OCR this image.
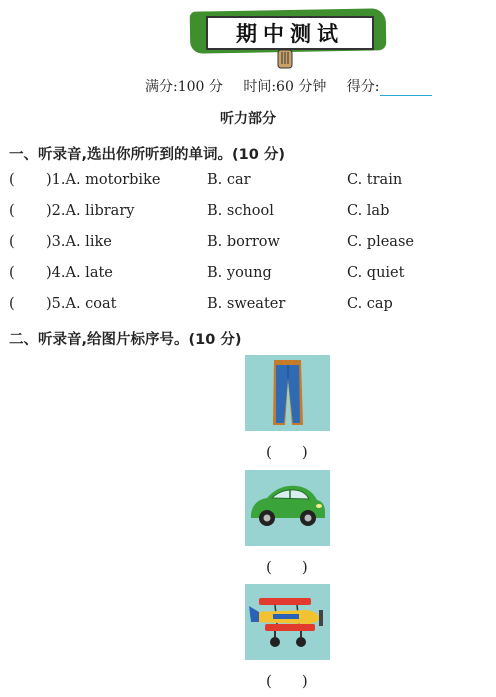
期中测试
满分:100 分 时间:60 分钟 得分:
听力部分
一、听录音,选出你所听到的单词。(10 分)
( )1.A. motorbike	B. car	C. train
( )2.A. library	B. school	C. lab
( )3.A. like	B. borrow	C. please
( )4.A. late	B. young	C. quiet
( )5.A. coat	B. sweater	C. cap
二、听录音,给图片标序号。(10 分)
(　　)
(　　)
(　　)
